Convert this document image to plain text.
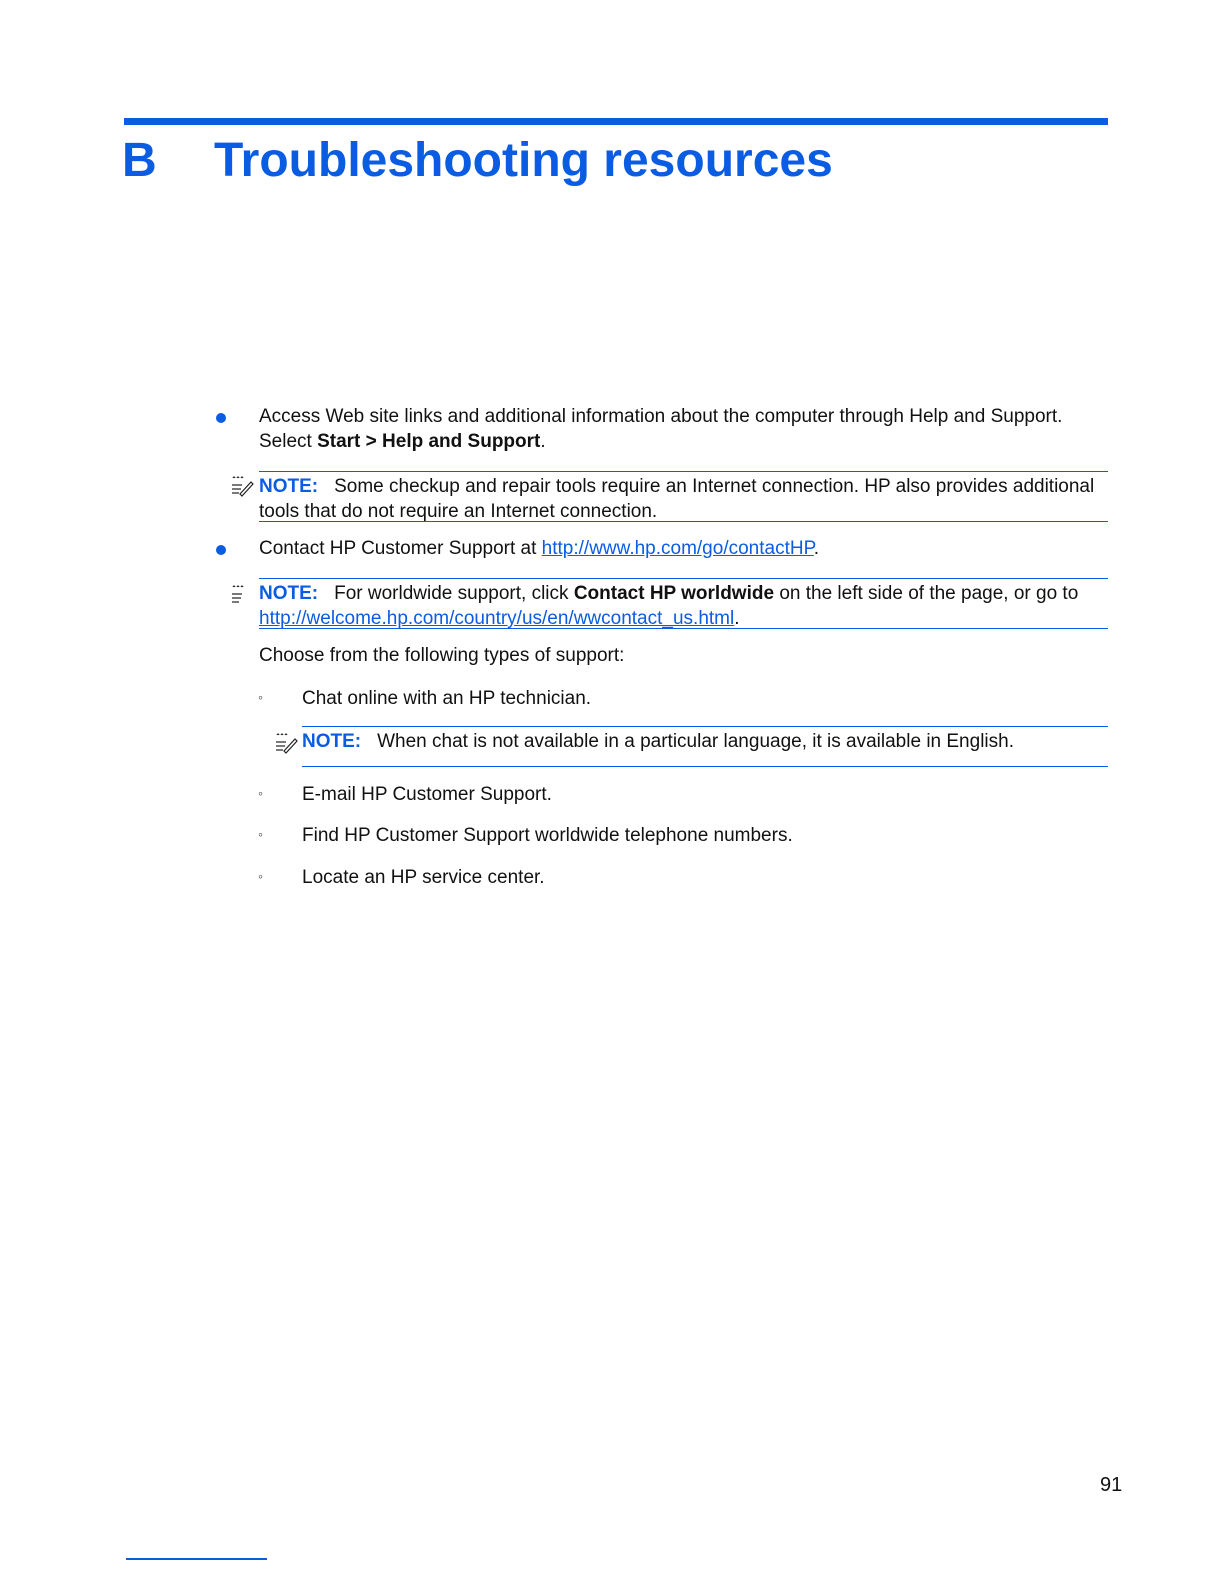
B Troubleshooting resources
Access Web site links and additional information about the computer through Help and Support.
Select Start > Help and Support.
NOTE: Some checkup and repair tools require an Internet connection. HP also provides additional tools that do not require an Internet connection.
Contact HP Customer Support at http://www.hp.com/go/contactHP.
NOTE: For worldwide support, click Contact HP worldwide on the left side of the page, or go to http://welcome.hp.com/country/us/en/wwcontact_us.html.
Choose from the following types of support:
◦ Chat online with an HP technician.
NOTE: When chat is not available in a particular language, it is available in English.
◦ E-mail HP Customer Support.
◦ Find HP Customer Support worldwide telephone numbers.
◦ Locate an HP service center.
91
